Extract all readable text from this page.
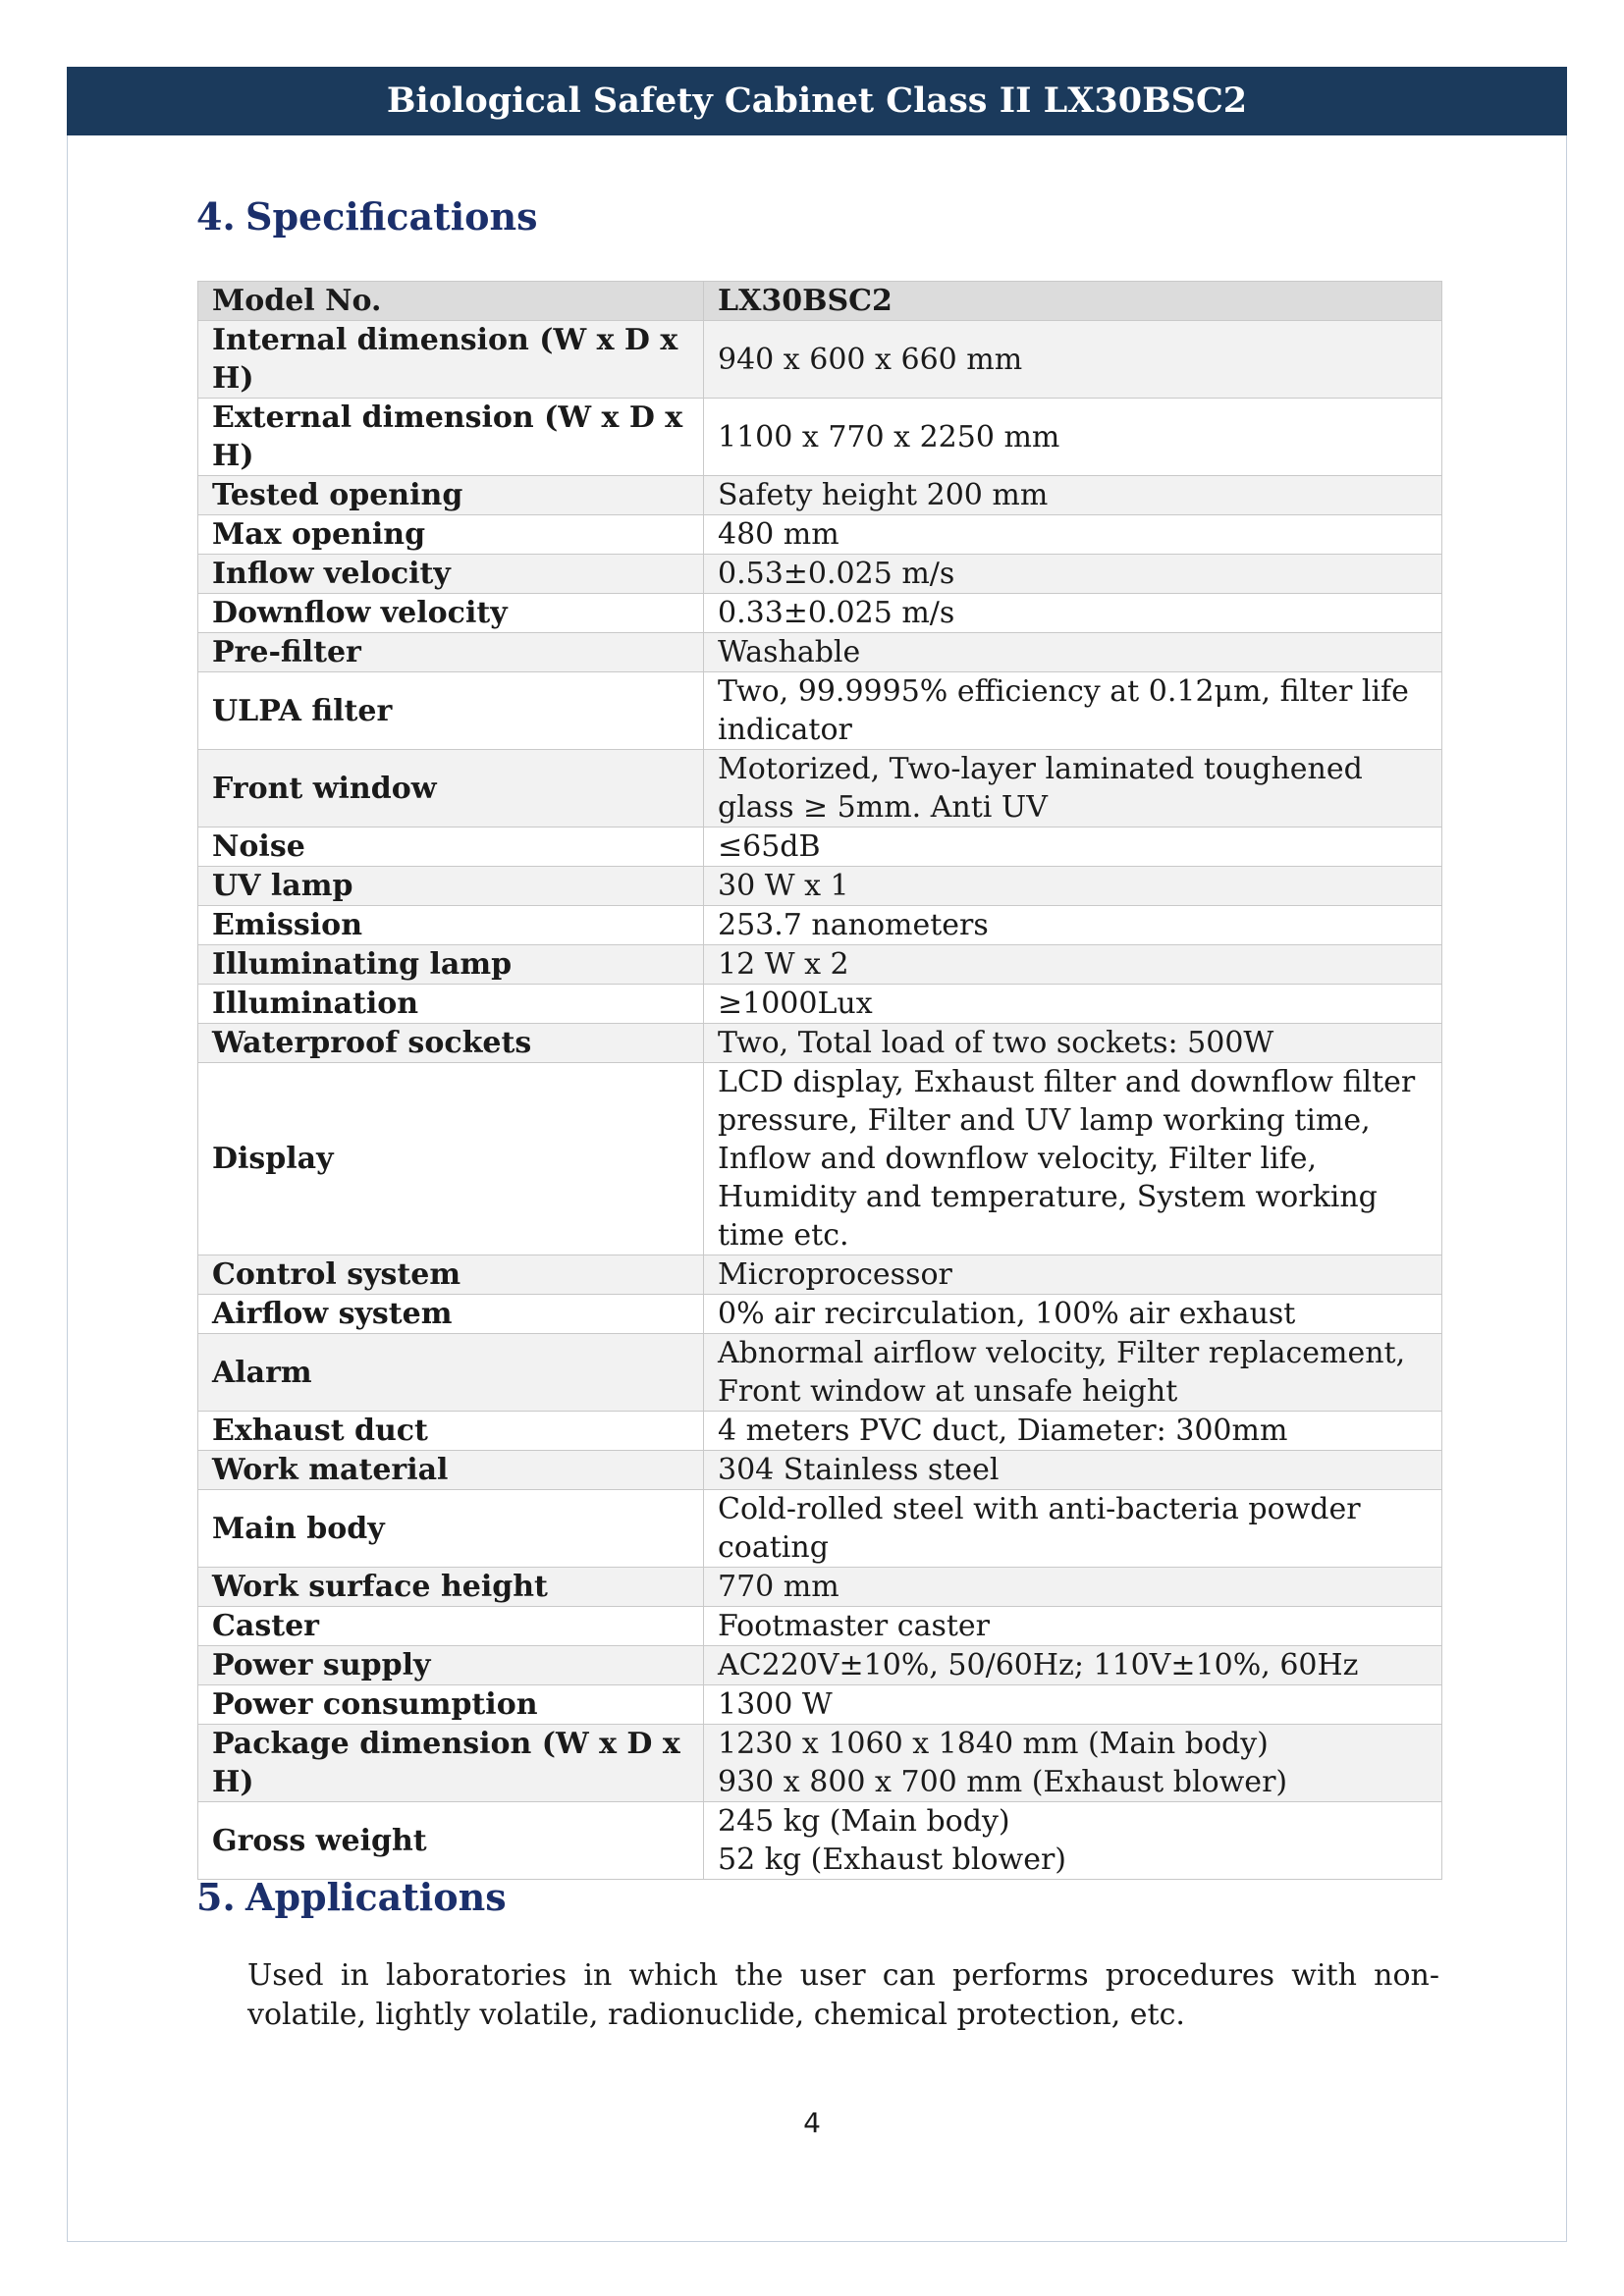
Biological Safety Cabinet Class II LX30BSC2
4. Specifications
Model No.	LX30BSC2
Internal dimension (W x D x H)	940 x 600 x 660 mm
External dimension (W x D x H)	1100 x 770 x 2250 mm
Tested opening	Safety height 200 mm
Max opening	480 mm
Inflow velocity	0.53±0.025 m/s
Downflow velocity	0.33±0.025 m/s
Pre-filter	Washable
ULPA filter	Two, 99.9995% efficiency at 0.12μm, filter life indicator
Front window	Motorized, Two-layer laminated toughened glass ≥ 5mm. Anti UV
Noise	≤65dB
UV lamp	30 W x 1
Emission	253.7 nanometers
Illuminating lamp	12 W x 2
Illumination	≥1000Lux
Waterproof sockets	Two, Total load of two sockets: 500W
Display	LCD display, Exhaust filter and downflow filter pressure, Filter and UV lamp working time, Inflow and downflow velocity, Filter life, Humidity and temperature, System working time etc.
Control system	Microprocessor
Airflow system	0% air recirculation, 100% air exhaust
Alarm	Abnormal airflow velocity, Filter replacement, Front window at unsafe height
Exhaust duct	4 meters PVC duct, Diameter: 300mm
Work material	304 Stainless steel
Main body	Cold-rolled steel with anti-bacteria powder coating
Work surface height	770 mm
Caster	Footmaster caster
Power supply	AC220V±10%, 50/60Hz; 110V±10%, 60Hz
Power consumption	1300 W
Package dimension (W x D x H)	1230 x 1060 x 1840 mm (Main body)
930 x 800 x 700 mm (Exhaust blower)

Gross weight	245 kg (Main body)
52 kg (Exhaust blower)
5. Applications

Used in laboratories in which the user can performs procedures with non-volatile, lightly volatile, radionuclide, chemical protection, etc.

4
